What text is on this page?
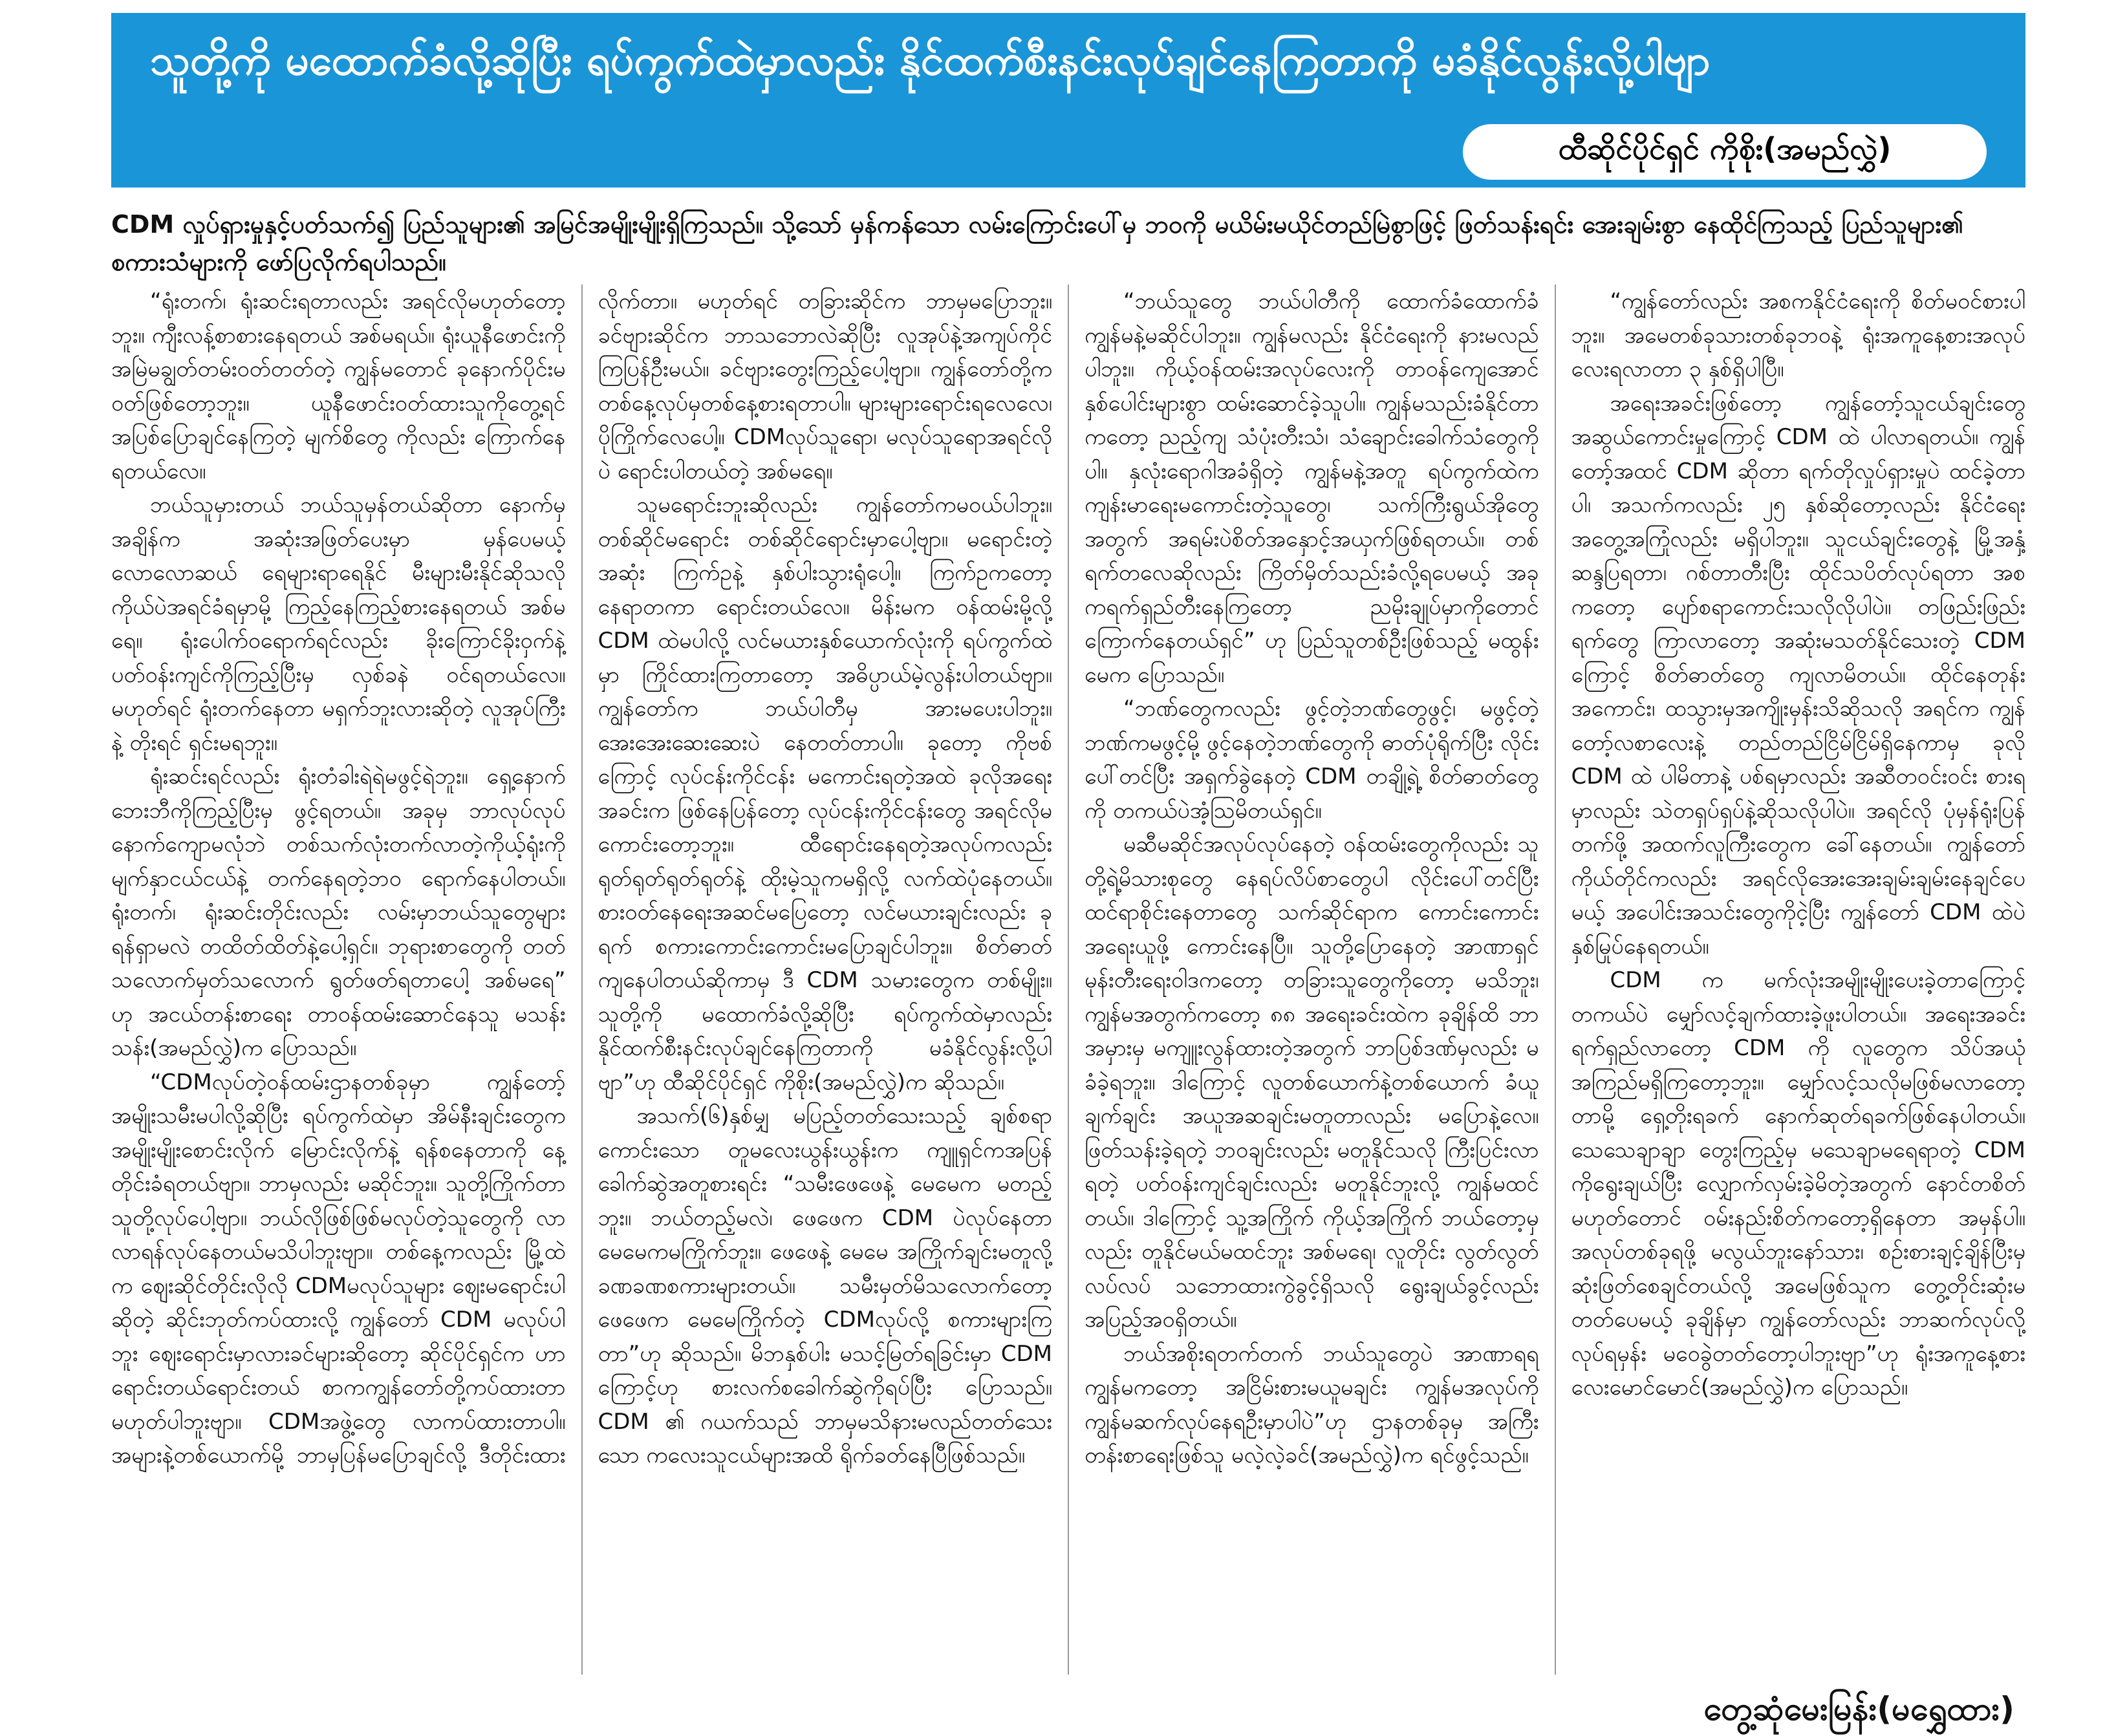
သူတို့ကို မထောက်ခံလို့ဆိုပြီး ရပ်ကွက်ထဲမှာလည်း နိုင်ထက်စီးနင်းလုပ်ချင်နေကြတာကို မခံနိုင်လွန်းလို့ပါဗျာ
ထီဆိုင်ပိုင်ရှင် ကိုစိုး(အမည်လွှဲ)

CDM လှုပ်ရှားမှုနှင့်ပတ်သက်၍ ပြည်သူများ၏ အမြင်အမျိုးမျိုးရှိကြသည်။ သို့သော် မှန်ကန်သော လမ်းကြောင်းပေါ်မှ ဘဝကို မယိမ်းမယိုင်တည်မြဲစွာဖြင့် ဖြတ်သန်းရင်း အေးချမ်းစွာ နေထိုင်ကြသည့် ပြည်သူများ၏ စကားသံများကို ဖော်ပြလိုက်ရပါသည်။

“ရုံးတက်၊ ရုံးဆင်းရတာလည်း အရင်လိုမဟုတ်တော့ဘူး။ ကျီးလန့်စာစားနေရတယ် အစ်မရယ်။ ရုံးယူနီဖောင်းကို အမြဲမချွတ်တမ်းဝတ်တတ်တဲ့ ကျွန်မတောင် ခုနောက်ပိုင်းမဝတ်ဖြစ်တော့ဘူး။ ယူနီဖောင်းဝတ်ထားသူကိုတွေ့ရင် အပြစ်ပြောချင်နေကြတဲ့ မျက်စိတွေ ကိုလည်း ကြောက်နေရတယ်လေ။

ဘယ်သူမှားတယ် ဘယ်သူမှန်တယ်ဆိုတာ နောက်မှအချိန်က အဆုံးအဖြတ်ပေးမှာ မှန်ပေမယ့် လောလောဆယ် ရေများရာရေနိုင် မီးများမီးနိုင်ဆိုသလို ကိုယ်ပဲအရင်ခံရမှာမို့ ကြည့်နေကြည့်စားနေရတယ် အစ်မရေ။ ရုံးပေါက်ဝရောက်ရင်လည်း ခိုးကြောင်ခိုးဝှက်နဲ့ ပတ်ဝန်းကျင်ကိုကြည့်ပြီးမှ လှစ်ခနဲ ဝင်ရတယ်လေ။ မဟုတ်ရင် ရုံးတက်နေတာ မရှက်ဘူးလားဆိုတဲ့ လူအုပ်ကြီးနဲ့ တိုးရင် ရှင်းမရဘူး။

ရုံးဆင်းရင်လည်း ရုံးတံခါးရဲရဲမဖွင့်ရဲဘူး။ ရှေ့နောက် ဘေးဘီကိုကြည့်ပြီးမှ ဖွင့်ရတယ်။ အခုမှ ဘာလုပ်လုပ် နောက်ကျောမလုံဘဲ တစ်သက်လုံးတက်လာတဲ့ကိုယ့်ရုံးကို မျက်နှာငယ်ငယ်နဲ့ တက်နေရတဲ့ဘဝ ရောက်နေပါတယ်။ ရုံးတက်၊ ရုံးဆင်းတိုင်းလည်း လမ်းမှာဘယ်သူတွေများ ရန်ရှာမလဲ တထိတ်ထိတ်နဲ့ပေါ့ရှင်။ ဘုရားစာတွေကို တတ်သလောက်မှတ်သလောက် ရွတ်ဖတ်ရတာပေါ့ အစ်မရေ” ဟု အငယ်တန်းစာရေး တာဝန်ထမ်းဆောင်နေသူ မသန်းသန်း(အမည်လွှဲ)က ပြောသည်။

“CDMလုပ်တဲ့ဝန်ထမ်းဌာနတစ်ခုမှာ ကျွန်တော့်အမျိုးသမီးမပါလို့ဆိုပြီး ရပ်ကွက်ထဲမှာ အိမ်နီးချင်းတွေက အမျိုးမျိုးစောင်းလိုက် မြောင်းလိုက်နဲ့ ရန်စနေတာကို နေ့တိုင်းခံရတယ်ဗျာ။ ဘာမှလည်း မဆိုင်ဘူး။ သူတို့ကြိုက်တာ သူတို့လုပ်ပေါ့ဗျာ။ ဘယ်လိုဖြစ်ဖြစ်မလုပ်တဲ့သူတွေကို လာလာရန်လုပ်နေတယ်မသိပါဘူးဗျာ။ တစ်နေ့ကလည်း မြို့ထဲက ဈေးဆိုင်တိုင်းလိုလို CDMမလုပ်သူများ ဈေးမရောင်းပါဆိုတဲ့ ဆိုင်းဘုတ်ကပ်ထားလို့ ကျွန်တော် CDM မလုပ်ပါဘူး ဈေးရောင်းမှာလားခင်များဆိုတော့ ဆိုင်ပိုင်ရှင်က ဟာ ရောင်းတယ်ရောင်းတယ် စာကကျွန်တော်တို့ကပ်ထားတာမဟုတ်ပါဘူးဗျာ။ CDMအဖွဲ့တွေ လာကပ်ထားတာပါ။ အများနဲ့တစ်ယောက်မို့ ဘာမှပြန်မပြောချင်လို့ ဒီတိုင်းထားလိုက်တာ။ မဟုတ်ရင် တခြားဆိုင်က ဘာမှမပြောဘူး။ ခင်ဗျားဆိုင်က ဘာသဘောလဲဆိုပြီး လူအုပ်နဲ့အကျပ်ကိုင်ကြပြန်ဦးမယ်။ ခင်ဗျားတွေးကြည့်ပေါ့ဗျာ။ ကျွန်တော်တို့က တစ်နေ့လုပ်မှတစ်နေ့စားရတာပါ။ များများရောင်းရလေလေ၊ ပိုကြိုက်လေပေါ့။ CDMလုပ်သူရော၊ မလုပ်သူရောအရင်လိုပဲ ရောင်းပါတယ်တဲ့ အစ်မရေ။

သူမရောင်းဘူးဆိုလည်း ကျွန်တော်ကမဝယ်ပါဘူး။ တစ်ဆိုင်မရောင်း တစ်ဆိုင်ရောင်းမှာပေါ့ဗျာ။ မရောင်းတဲ့အဆုံး ကြက်ဥနဲ့ နှစ်ပါးသွားရုံပေါ့။ ကြက်ဥကတော့ နေရာတကာ ရောင်းတယ်လေ။ မိန်းမက ဝန်ထမ်းမို့လို့ CDM ထဲမပါလို့ လင်မယားနှစ်ယောက်လုံးကို ရပ်ကွက်ထဲမှာ ကြိုင်ထားကြတာတော့ အဓိပ္ပာယ်မဲ့လွန်းပါတယ်ဗျာ။ ကျွန်တော်က ဘယ်ပါတီမှ အားမပေးပါဘူး။ အေးအေးဆေးဆေးပဲ နေတတ်တာပါ။ ခုတော့ ကိုဗစ်ကြောင့် လုပ်ငန်းကိုင်ငန်း မကောင်းရတဲ့အထဲ ခုလိုအရေးအခင်းက ဖြစ်နေပြန်တော့ လုပ်ငန်းကိုင်ငန်းတွေ အရင်လိုမကောင်းတော့ဘူး။ ထီရောင်းနေရတဲ့အလုပ်ကလည်း ရုတ်ရုတ်ရုတ်ရုတ်နဲ့ ထိုးမဲ့သူကမရှိလို့ လက်ထဲပုံနေတယ်။ စားဝတ်နေရေးအဆင်မပြေတော့ လင်မယားချင်းလည်း ခုရက် စကားကောင်းကောင်းမပြောချင်ပါဘူး။ စိတ်ဓာတ်ကျနေပါတယ်ဆိုကာမှ ဒီ CDM သမားတွေက တစ်မျိုး။ သူတို့ကို မထောက်ခံလို့ဆိုပြီး ရပ်ကွက်ထဲမှာလည်း နိုင်ထက်စီးနင်းလုပ်ချင်နေကြတာကို မခံနိုင်လွန်းလို့ပါဗျာ”ဟု ထီဆိုင်ပိုင်ရှင် ကိုစိုး(အမည်လွှဲ)က ဆိုသည်။

အသက်(၆)နှစ်မျှ မပြည့်တတ်သေးသည့် ချစ်စရာကောင်းသော တူမလေးယွန်းယွန်းက ကျူရှင်ကအပြန် ခေါက်ဆွဲအတူစားရင်း “သမီးဖေဖေနဲ့ မေမေက မတည့်ဘူး။ ဘယ်တည့်မလဲ၊ ဖေဖေက CDM ပဲလုပ်နေတာ မေမေကမကြိုက်ဘူး။ ဖေဖေနဲ့ မေမေ အကြိုက်ချင်းမတူလို့ ခဏခဏစကားများတယ်။ သမီးမှတ်မိသလောက်တော့ ဖေဖေက မေမေကြိုက်တဲ့ CDMလုပ်လို့ စကားများကြတာ”ဟု ဆိုသည်။ မိဘနှစ်ပါး မသင့်မြတ်ရခြင်းမှာ CDM ကြောင့်ဟု စားလက်စခေါက်ဆွဲကိုရပ်ပြီး ပြောသည်။ CDM ၏ ဂယက်သည် ဘာမှမသိနားမလည်တတ်သေးသော ကလေးသူငယ်များအထိ ရိုက်ခတ်နေပြီဖြစ်သည်။

“ဘယ်သူတွေ ဘယ်ပါတီကို ထောက်ခံထောက်ခံ ကျွန်မနဲ့မဆိုင်ပါဘူး။ ကျွန်မလည်း နိုင်ငံရေးကို နားမလည်ပါဘူး။ ကိုယ့်ဝန်ထမ်းအလုပ်လေးကို တာဝန်ကျေအောင် နှစ်ပေါင်းများစွာ ထမ်းဆောင်ခဲ့သူပါ။ ကျွန်မသည်းခံနိုင်တာကတော့ ညည့်ကျ သံပုံးတီးသံ၊ သံချောင်းခေါက်သံတွေကိုပါ။ နှလုံးရောဂါအခံရှိတဲ့ ကျွန်မနဲ့အတူ ရပ်ကွက်ထဲက ကျန်းမာရေးမကောင်းတဲ့သူတွေ၊ သက်ကြီးရွယ်အိုတွေအတွက် အရမ်းပဲစိတ်အနှောင့်အယှက်ဖြစ်ရတယ်။ တစ်ရက်တလေဆိုလည်း ကြိတ်မှိတ်သည်းခံလို့ရပေမယ့် အခုကရက်ရှည်တီးနေကြတော့ ညမိုးချုပ်မှာကိုတောင် ကြောက်နေတယ်ရှင်” ဟု ပြည်သူတစ်ဦးဖြစ်သည့် မထွန်းမေက ပြောသည်။

“ဘဏ်တွေကလည်း ဖွင့်တဲ့ဘဏ်တွေဖွင့်၊ မဖွင့်တဲ့ဘဏ်ကမဖွင့်မို့ ဖွင့်နေတဲ့ဘဏ်တွေကို ဓာတ်ပုံရိုက်ပြီး လိုင်းပေါ်တင်ပြီး အရှက်ခွဲနေတဲ့ CDM တချို့ရဲ့ စိတ်ဓာတ်တွေကို တကယ်ပဲအံ့သြမိတယ်ရှင်။

မဆီမဆိုင်အလုပ်လုပ်နေတဲ့ ဝန်ထမ်းတွေကိုလည်း သူတို့ရဲ့မိသားစုတွေ နေရပ်လိပ်စာတွေပါ လိုင်းပေါ်တင်ပြီး ထင်ရာစိုင်းနေတာတွေ သက်ဆိုင်ရာက ကောင်းကောင်းအရေးယူဖို့ ကောင်းနေပြီ။ သူတို့ပြောနေတဲ့ အာဏာရှင်မုန်းတီးရေးဝါဒကတော့ တခြားသူတွေကိုတော့ မသိဘူး၊ ကျွန်မအတွက်ကတော့ ၈၈ အရေးခင်းထဲက ခုချိန်ထိ ဘာအမှားမှ မကျူးလွန်ထားတဲ့အတွက် ဘာပြစ်ဒဏ်မှလည်း မခံခဲ့ရဘူး။ ဒါကြောင့် လူတစ်ယောက်နဲ့တစ်ယောက် ခံယူချက်ချင်း အယူအဆချင်းမတူတာလည်း မပြောနဲ့လေ။ ဖြတ်သန်းခဲ့ရတဲ့ ဘဝချင်းလည်း မတူနိုင်သလို ကြီးပြင်းလာရတဲ့ ပတ်ဝန်းကျင်ချင်းလည်း မတူနိုင်ဘူးလို့ ကျွန်မထင်တယ်။ ဒါကြောင့် သူ့အကြိုက် ကိုယ့်အကြိုက် ဘယ်တော့မှလည်း တူနိုင်မယ်မထင်ဘူး အစ်မရေ၊ လူတိုင်း လွတ်လွတ်လပ်လပ် သဘောထားကွဲခွင့်ရှိသလို ရွေးချယ်ခွင့်လည်း အပြည့်အဝရှိတယ်။

ဘယ်အစိုးရတက်တက် ဘယ်သူတွေပဲ အာဏာရရ ကျွန်မကတော့ အငြိမ်းစားမယူမချင်း ကျွန်မအလုပ်ကို ကျွန်မဆက်လုပ်နေရဦးမှာပါပဲ”ဟု ဌာနတစ်ခုမှ အကြီးတန်းစာရေးဖြစ်သူ မလဲ့လဲ့ခင်(အမည်လွှဲ)က ရင်ဖွင့်သည်။

“ကျွန်တော်လည်း အစကနိုင်ငံရေးကို စိတ်မဝင်စားပါဘူး။ အမေတစ်ခုသားတစ်ခုဘဝနဲ့ ရုံးအကူနေ့စားအလုပ်လေးရလာတာ ၃ နှစ်ရှိပါပြီ။

အရေးအခင်းဖြစ်တော့ ကျွန်တော့်သူငယ်ချင်းတွေ အဆွယ်ကောင်းမှုကြောင့် CDM ထဲ ပါလာရတယ်။ ကျွန်တော့်အထင် CDM ဆိုတာ ရက်တိုလှုပ်ရှားမှုပဲ ထင်ခဲ့တာပါ၊ အသက်ကလည်း ၂၅ နှစ်ဆိုတော့လည်း နိုင်ငံရေးအတွေ့အကြုံလည်း မရှိပါဘူး။ သူငယ်ချင်းတွေနဲ့ မြို့အနှံ့ဆန္ဒပြရတာ၊ ဂစ်တာတီးပြီး ထိုင်သပိတ်လုပ်ရတာ အစကတော့ ပျော်စရာကောင်းသလိုလိုပါပဲ။ တဖြည်းဖြည်း ရက်တွေ ကြာလာတော့ အဆုံးမသတ်နိုင်သေးတဲ့ CDM ကြောင့် စိတ်ဓာတ်တွေ ကျလာမိတယ်။ ထိုင်နေတုန်းအကောင်း၊ ထသွားမှအကျိုးမှန်းသိဆိုသလို အရင်က ကျွန်တော့်လစာလေးနဲ့ တည်တည်ငြိမ်ငြိမ်ရှိနေကာမှ ခုလို CDM ထဲ ပါမိတာနဲ့ ပစ်ရမှာလည်း အဆီတဝင်းဝင်း စားရမှာလည်း သဲတရှပ်ရှပ်နဲ့ဆိုသလိုပါပဲ။ အရင်လို ပုံမှန်ရုံးပြန်တက်ဖို့ အထက်လူကြီးတွေက ခေါ်နေတယ်။ ကျွန်တော်ကိုယ်တိုင်ကလည်း အရင်လိုအေးအေးချမ်းချမ်းနေချင်ပေမယ့် အပေါင်းအသင်းတွေကိုငဲ့ပြီး ကျွန်တော် CDM ထဲပဲ နှစ်မြုပ်နေရတယ်။

CDM က မက်လုံးအမျိုးမျိုးပေးခဲ့တာကြောင့် တကယ်ပဲ မျှော်လင့်ချက်ထားခဲ့ဖူးပါတယ်။ အရေးအခင်းရက်ရှည်လာတော့ CDM ကို လူတွေက သိပ်အယုံအကြည်မရှိကြတော့ဘူး။ မျှော်လင့်သလိုမဖြစ်မလာတော့တာမို့ ရှေ့တိုးရခက် နောက်ဆုတ်ရခက်ဖြစ်နေပါတယ်။ သေသေချာချာ တွေးကြည့်မှ မသေချာမရေရာတဲ့ CDM ကိုရွေးချယ်ပြီး လျှောက်လှမ်းခဲ့မိတဲ့အတွက် နောင်တစိတ် မဟုတ်တောင် ဝမ်းနည်းစိတ်ကတော့ရှိနေတာ အမှန်ပါ။ အလုပ်တစ်ခုရဖို့ မလွယ်ဘူးနော်သား၊ စဉ်းစားချင့်ချိန်ပြီးမှ ဆုံးဖြတ်စေချင်တယ်လို့ အမေဖြစ်သူက တွေ့တိုင်းဆုံးမတတ်ပေမယ့် ခုချိန်မှာ ကျွန်တော်လည်း ဘာဆက်လုပ်လို့လုပ်ရမှန်း မဝေခွဲတတ်တော့ပါဘူးဗျာ”ဟု ရုံးအကူနေ့စားလေးမောင်မောင်(အမည်လွှဲ)က ပြောသည်။

တွေ့ဆုံမေးမြန်း(မရွှေထား)
